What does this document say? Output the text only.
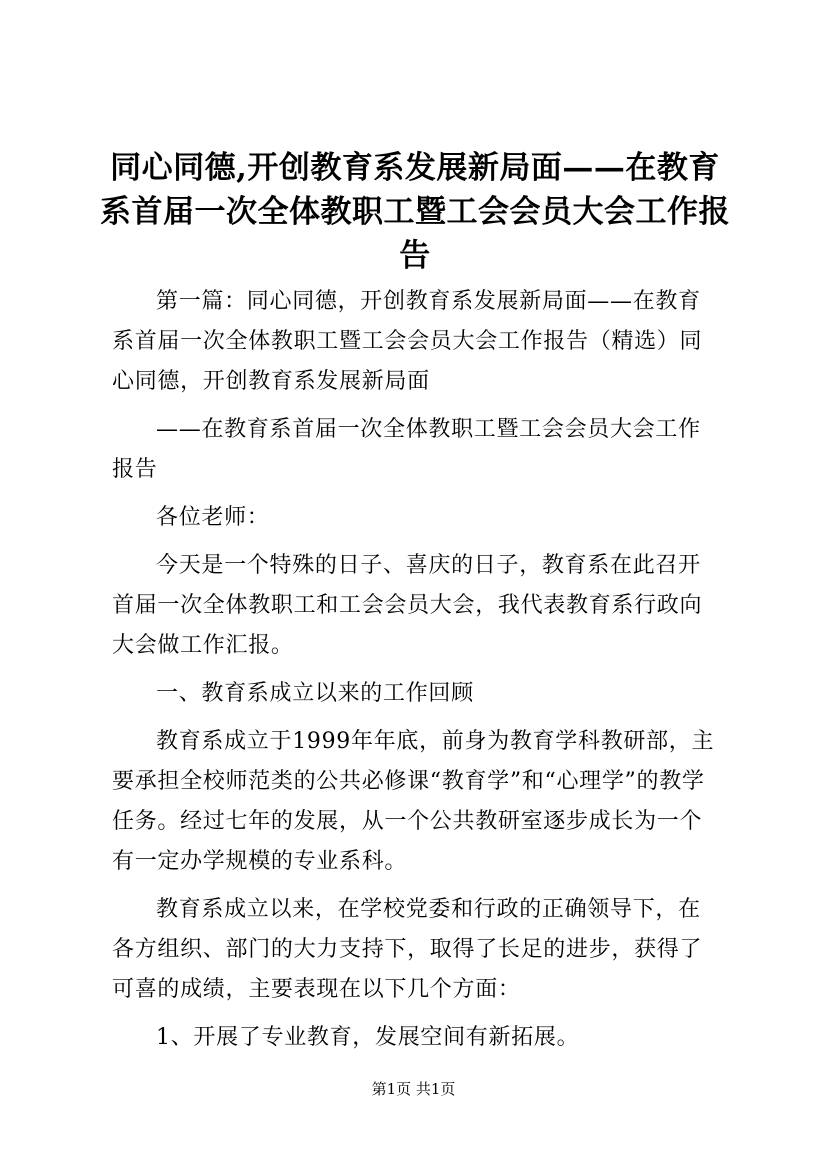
同心同德,开创教育系发展新局面——在教育
系首届一次全体教职工暨工会会员大会工作报
告

第一篇：同心同德，开创教育系发展新局面——在教育系首届一次全体教职工暨工会会员大会工作报告（精选）同心同德，开创教育系发展新局面

——在教育系首届一次全体教职工暨工会会员大会工作报告

各位老师：

今天是一个特殊的日子、喜庆的日子，教育系在此召开首届一次全体教职工和工会会员大会，我代表教育系行政向大会做工作汇报。

一、教育系成立以来的工作回顾

教育系成立于1999年年底，前身为教育学科教研部，主要承担全校师范类的公共必修课“教育学”和“心理学”的教学任务。经过七年的发展，从一个公共教研室逐步成长为一个有一定办学规模的专业系科。

教育系成立以来，在学校党委和行政的正确领导下，在各方组织、部门的大力支持下，取得了长足的进步，获得了可喜的成绩，主要表现在以下几个方面：

1、开展了专业教育，发展空间有新拓展。

第1页 共1页
